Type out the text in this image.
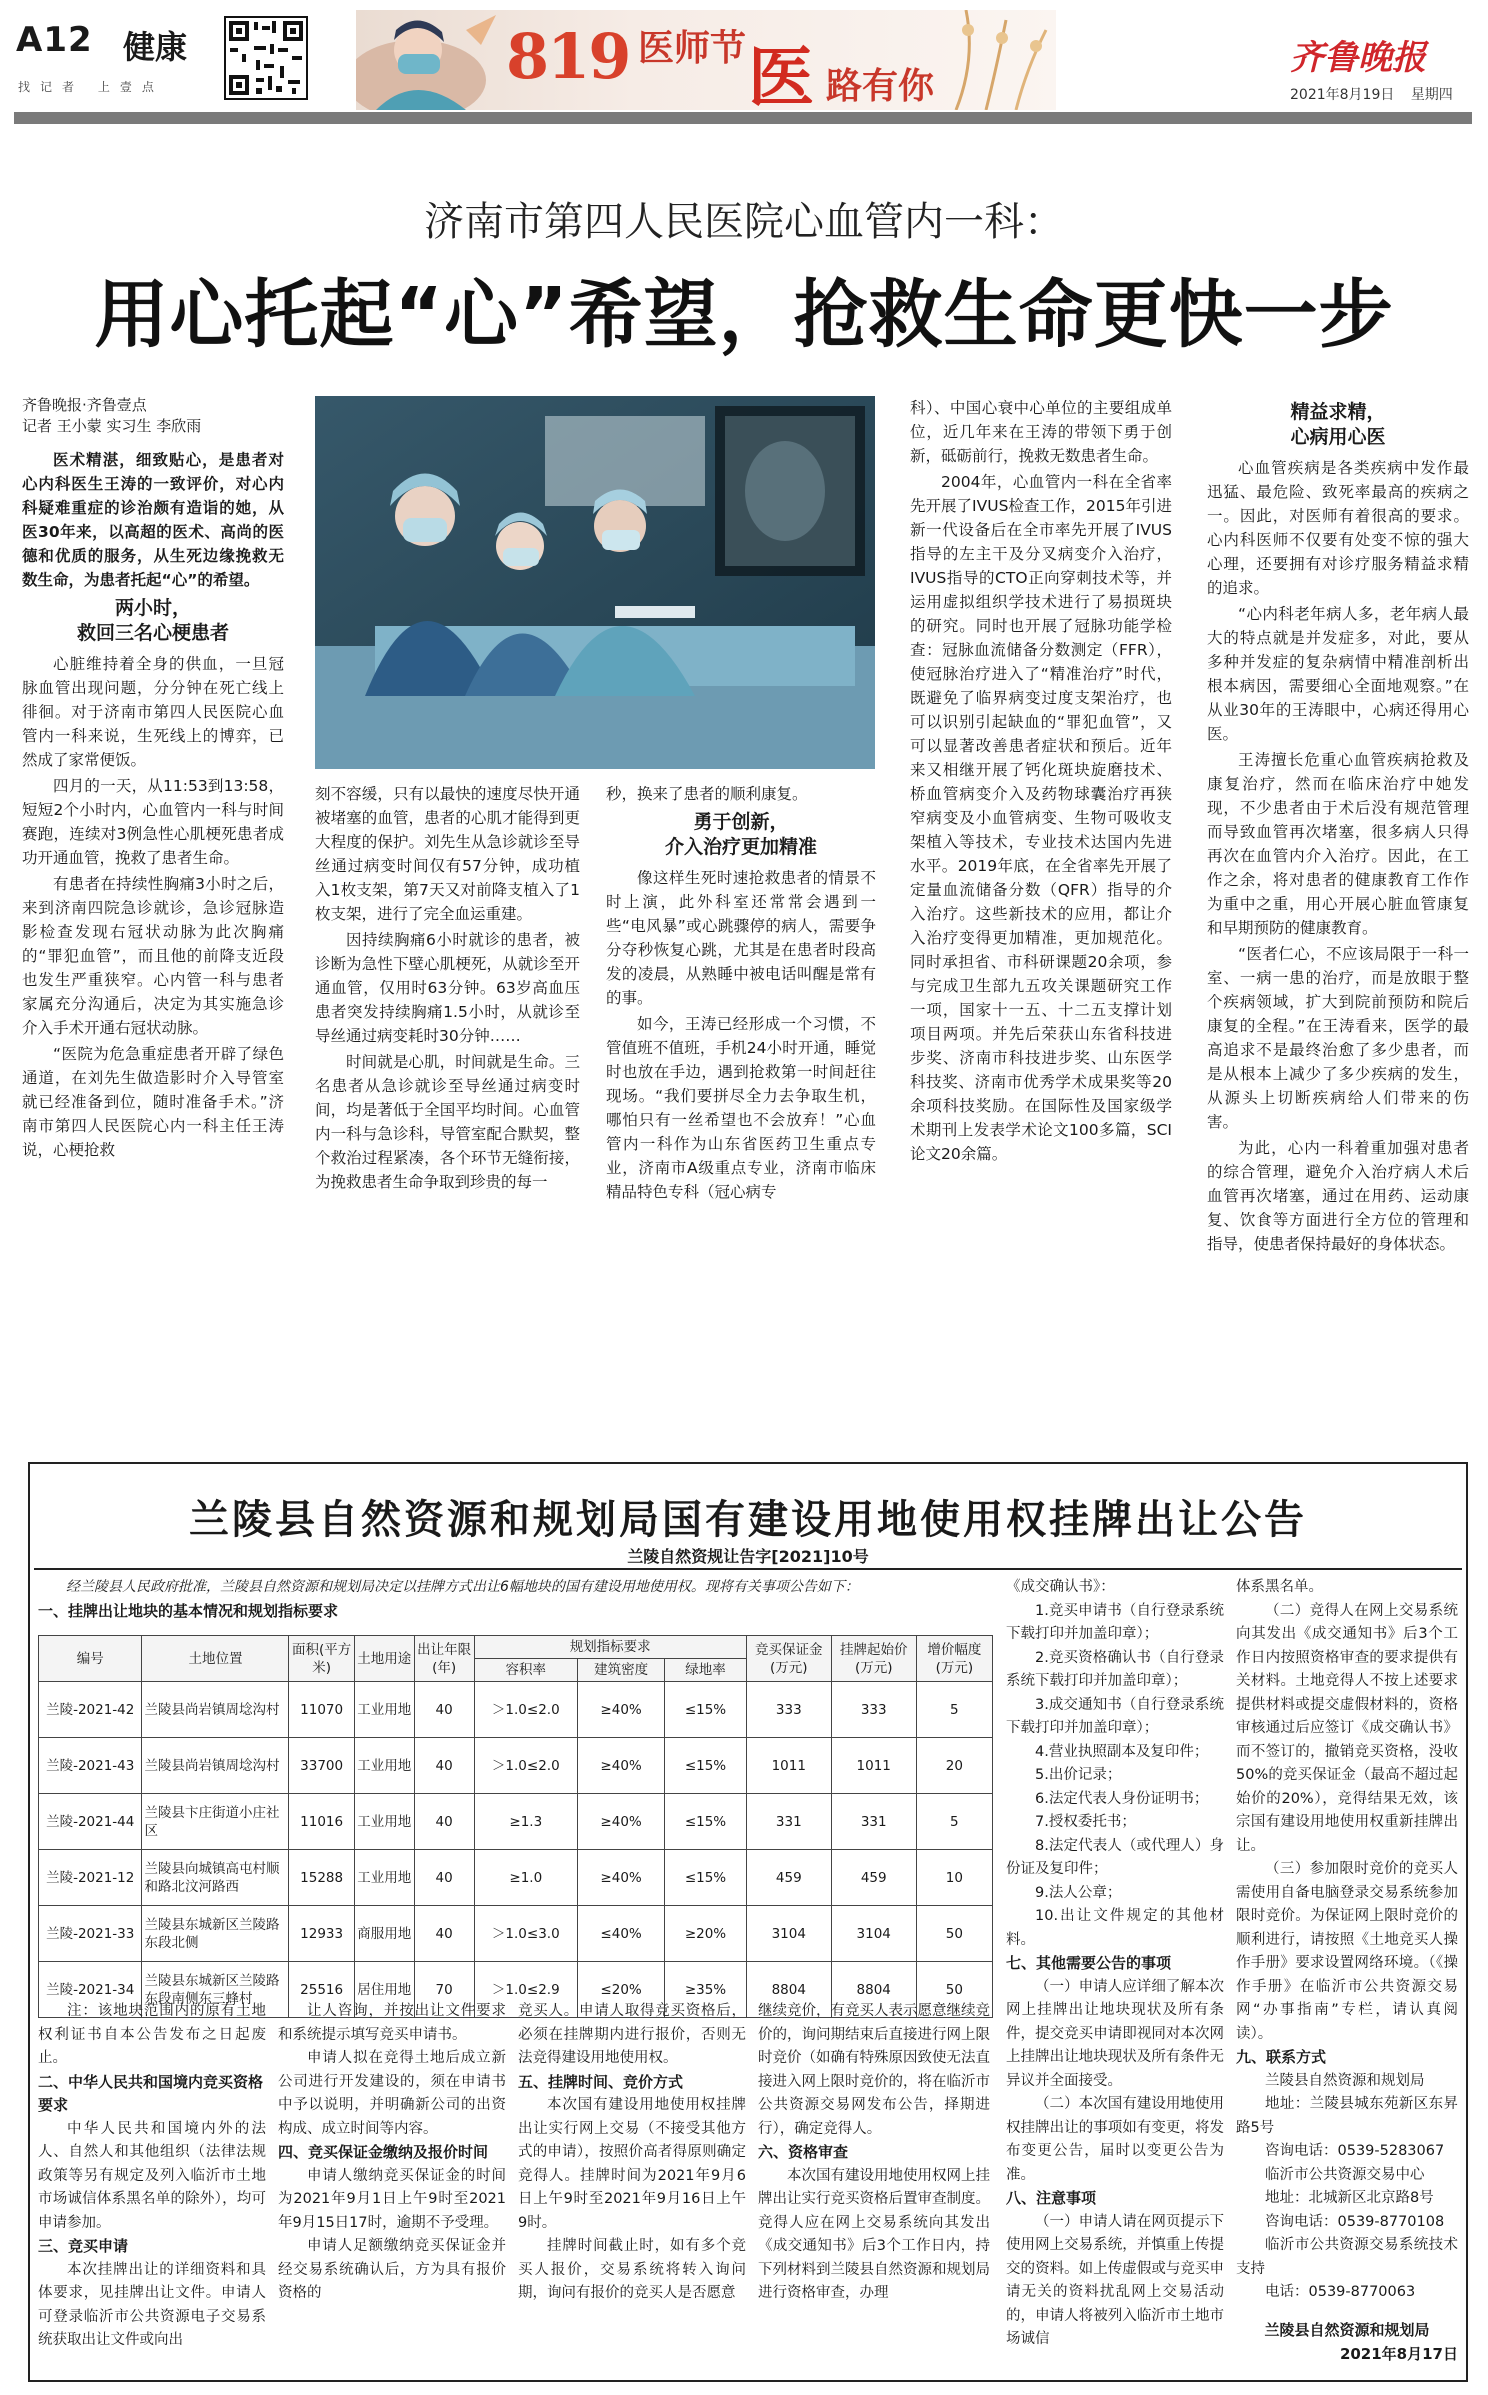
A12 健康
找记者 上壹点	819 医师节 医 路有你
齐鲁晚报
2021年8月19日 星期四
济南市第四人民医院心血管内一科：
用心托起“心”希望，抢救生命更快一步

齐鲁晚报·齐鲁壹点

记者 王小蒙 实习生 李欣雨

医术精湛，细致贴心，是患者对心内科医生王涛的一致评价，对心内科疑难重症的诊治颇有造诣的她，从医30年来，以高超的医术、高尚的医德和优质的服务，从生死边缘挽救无数生命，为患者托起“心”的希望。

两小时，
救回三名心梗患者

心脏维持着全身的供血，一旦冠脉血管出现问题，分分钟在死亡线上徘徊。对于济南市第四人民医院心血管内一科来说，生死线上的博弈，已然成了家常便饭。

四月的一天，从11:53到13:58，短短2个小时内，心血管内一科与时间赛跑，连续对3例急性心肌梗死患者成功开通血管，挽救了患者生命。

有患者在持续性胸痛3小时之后，来到济南四院急诊就诊，急诊冠脉造影检查发现右冠状动脉为此次胸痛的“罪犯血管”，而且他的前降支近段也发生严重狭窄。心内管一科与患者家属充分沟通后，决定为其实施急诊介入手术开通右冠状动脉。

“医院为危急重症患者开辟了绿色通道，在刘先生做造影时介入导管室就已经准备到位，随时准备手术。”济南市第四人民医院心内一科主任王涛说，心梗抢救

刻不容缓，只有以最快的速度尽快开通被堵塞的血管，患者的心肌才能得到更大程度的保护。刘先生从急诊就诊至导丝通过病变时间仅有57分钟，成功植入1枚支架，第7天又对前降支植入了1枚支架，进行了完全血运重建。

因持续胸痛6小时就诊的患者，被诊断为急性下壁心肌梗死，从就诊至开通血管，仅用时63分钟。63岁高血压患者突发持续胸痛1.5小时，从就诊至导丝通过病变耗时30分钟……

时间就是心肌，时间就是生命。三名患者从急诊就诊至导丝通过病变时间，均是著低于全国平均时间。心血管内一科与急诊科，导管室配合默契，整个救治过程紧凑，各个环节无缝衔接，为挽救患者生命争取到珍贵的每一

秒，换来了患者的顺利康复。

勇于创新，
介入治疗更加精准

像这样生死时速抢救患者的情景不时上演，此外科室还常常会遇到一些“电风暴”或心跳骤停的病人，需要争分夺秒恢复心跳，尤其是在患者时段高发的凌晨，从熟睡中被电话叫醒是常有的事。

如今，王涛已经形成一个习惯，不管值班不值班，手机24小时开通，睡觉时也放在手边，遇到抢救第一时间赶往现场。“我们要拼尽全力去争取生机，哪怕只有一丝希望也不会放弃！”心血管内一科作为山东省医药卫生重点专业，济南市A级重点专业，济南市临床精品特色专科（冠心病专

科）、中国心衰中心单位的主要组成单位，近几年来在王涛的带领下勇于创新，砥砺前行，挽救无数患者生命。

2004年，心血管内一科在全省率先开展了IVUS检查工作，2015年引进新一代设备后在全市率先开展了IVUS指导的左主干及分叉病变介入治疗，IVUS指导的CTO正向穿刺技术等，并运用虚拟组织学技术进行了易损斑块的研究。同时也开展了冠脉功能学检查：冠脉血流储备分数测定（FFR），使冠脉治疗进入了“精准治疗”时代，既避免了临界病变过度支架治疗，也可以识别引起缺血的“罪犯血管”，又可以显著改善患者症状和预后。近年来又相继开展了钙化斑块旋磨技术、桥血管病变介入及药物球囊治疗再狭窄病变及小血管病变、生物可吸收支架植入等技术，专业技术达国内先进水平。2019年底，在全省率先开展了定量血流储备分数（QFR）指导的介入治疗。这些新技术的应用，都让介入治疗变得更加精准，更加规范化。同时承担省、市科研课题20余项，参与完成卫生部九五攻关课题研究工作一项，国家十一五、十二五支撑计划项目两项。并先后荣获山东省科技进步奖、济南市科技进步奖、山东医学科技奖、济南市优秀学术成果奖等20余项科技奖励。在国际性及国家级学术期刊上发表学术论文100多篇，SCI论文20余篇。

精益求精，
心病用心医

心血管疾病是各类疾病中发作最迅猛、最危险、致死率最高的疾病之一。因此，对医师有着很高的要求。心内科医师不仅要有处变不惊的强大心理，还要拥有对诊疗服务精益求精的追求。

“心内科老年病人多，老年病人最大的特点就是并发症多，对此，要从多种并发症的复杂病情中精准剖析出根本病因，需要细心全面地观察。”在从业30年的王涛眼中，心病还得用心医。

王涛擅长危重心血管疾病抢救及康复治疗，然而在临床治疗中她发现，不少患者由于术后没有规范管理而导致血管再次堵塞，很多病人只得再次在血管内介入治疗。因此，在工作之余，将对患者的健康教育工作作为重中之重，用心开展心脏血管康复和早期预防的健康教育。

“医者仁心，不应该局限于一科一室、一病一患的治疗，而是放眼于整个疾病领域，扩大到院前预防和院后康复的全程。”在王涛看来，医学的最高追求不是最终治愈了多少患者，而是从根本上减少了多少疾病的发生，从源头上切断疾病给人们带来的伤害。

为此，心内一科着重加强对患者的综合管理，避免介入治疗病人术后血管再次堵塞，通过在用药、运动康复、饮食等方面进行全方位的管理和指导，使患者保持最好的身体状态。

兰陵县自然资源和规划局国有建设用地使用权挂牌出让公告
兰陵自然资规让告字[2021]10号

经兰陵县人民政府批准，兰陵县自然资源和规划局决定以挂牌方式出让6幅地块的国有建设用地使用权。现将有关事项公告如下：

一、挂牌出让地块的基本情况和规划指标要求

编号	土地位置	面积(平方米)	土地用途	出让年限(年)	规划指标要求			竞买保证金(万元)	挂牌起始价(万元)	增价幅度(万元)
					容积率	建筑密度	绿地率			
兰陵-2021-42	兰陵县尚岩镇周埝沟村	11070	工业用地	40	＞1.0≤2.0	≥40%	≤15%	333	333	5
兰陵-2021-43	兰陵县尚岩镇周埝沟村	33700	工业用地	40	＞1.0≤2.0	≥40%	≤15%	1011	1011	20
兰陵-2021-44	兰陵县卞庄街道小庄社区	11016	工业用地	40	≥1.3	≥40%	≤15%	331	331	5
兰陵-2021-12	兰陵县向城镇高屯村顺和路北汶河路西	15288	工业用地	40	≥1.0	≥40%	≤15%	459	459	10
兰陵-2021-33	兰陵县东城新区兰陵路东段北侧	12933	商服用地	40	＞1.0≤3.0	≤40%	≥20%	3104	3104	50
兰陵-2021-34	兰陵县东城新区兰陵路东段南侧东三蜂村	25516	居住用地	70	＞1.0≤2.9	≤20%	≥35%	8804	8804	50

注：该地块范围内的原有土地权利证书自本公告发布之日起废止。

二、中华人民共和国境内竞买资格要求

中华人民共和国境内外的法人、自然人和其他组织（法律法规政策等另有规定及列入临沂市土地市场诚信体系黑名单的除外），均可申请参加。

三、竞买申请

本次挂牌出让的详细资料和具体要求，见挂牌出让文件。申请人可登录临沂市公共资源电子交易系统获取出让文件或向出

让人咨询，并按出让文件要求和系统提示填写竞买申请书。

申请人拟在竞得土地后成立新公司进行开发建设的，须在申请书中予以说明，并明确新公司的出资构成、成立时间等内容。

四、竞买保证金缴纳及报价时间

申请人缴纳竞买保证金的时间为2021年9月1日上午9时至2021年9月15日17时，逾期不予受理。

申请人足额缴纳竞买保证金并经交易系统确认后，方为具有报价资格的

竞买人。申请人取得竞买资格后，必须在挂牌期内进行报价，否则无法竞得建设用地使用权。

五、挂牌时间、竞价方式

本次国有建设用地使用权挂牌出让实行网上交易（不接受其他方式的申请），按照价高者得原则确定竞得人。挂牌时间为2021年9月6日上午9时至2021年9月16日上午9时。

挂牌时间截止时，如有多个竞买人报价，交易系统将转入询问期，询问有报价的竞买人是否愿意

继续竞价，有竞买人表示愿意继续竞价的，询问期结束后直接进行网上限时竞价（如确有特殊原因致使无法直接进入网上限时竞价的，将在临沂市公共资源交易网发布公告，择期进行），确定竞得人。

六、资格审查

本次国有建设用地使用权网上挂牌出让实行竞买资格后置审查制度。竞得人应在网上交易系统向其发出《成交通知书》后3个工作日内，持下列材料到兰陵县自然资源和规划局进行资格审查，办理

《成交确认书》：

1.竞买申请书（自行登录系统下载打印并加盖印章）；

2.竞买资格确认书（自行登录系统下载打印并加盖印章）；

3.成交通知书（自行登录系统下载打印并加盖印章）；

4.营业执照副本及复印件；

5.出价记录；

6.法定代表人身份证明书；

7.授权委托书；

8.法定代表人（或代理人）身份证及复印件；

9.法人公章；

10.出让文件规定的其他材料。

七、其他需要公告的事项

（一）申请人应详细了解本次网上挂牌出让地块现状及所有条件，提交竞买申请即视同对本次网上挂牌出让地块现状及所有条件无异议并全面接受。

（二）本次国有建设用地使用权挂牌出让的事项如有变更，将发布变更公告，届时以变更公告为准。

八、注意事项

（一）申请人请在网页提示下使用网上交易系统，并慎重上传提交的资料。如上传虚假或与竞买申请无关的资料扰乱网上交易活动的，申请人将被列入临沂市土地市场诚信

体系黑名单。

（二）竞得人在网上交易系统向其发出《成交通知书》后3个工作日内按照资格审查的要求提供有关材料。土地竞得人不按上述要求提供材料或提交虚假材料的，资格审核通过后应签订《成交确认书》而不签订的，撤销竞买资格，没收50%的竞买保证金（最高不超过起始价的20%），竞得结果无效，该宗国有建设用地使用权重新挂牌出让。

（三）参加限时竞价的竞买人需使用自备电脑登录交易系统参加限时竞价。为保证网上限时竞价的顺利进行，请按照《土地竞买人操作手册》要求设置网络环境。（《操作手册》在临沂市公共资源交易网“办事指南”专栏，请认真阅读）。

九、联系方式

兰陵县自然资源和规划局

地址：兰陵县城东苑新区东昇路5号

咨询电话：0539-5283067

临沂市公共资源交易中心

地址：北城新区北京路8号

咨询电话：0539-8770108

临沂市公共资源交易系统技术支持

电话：0539-8770063

兰陵县自然资源和规划局
2021年8月17日
